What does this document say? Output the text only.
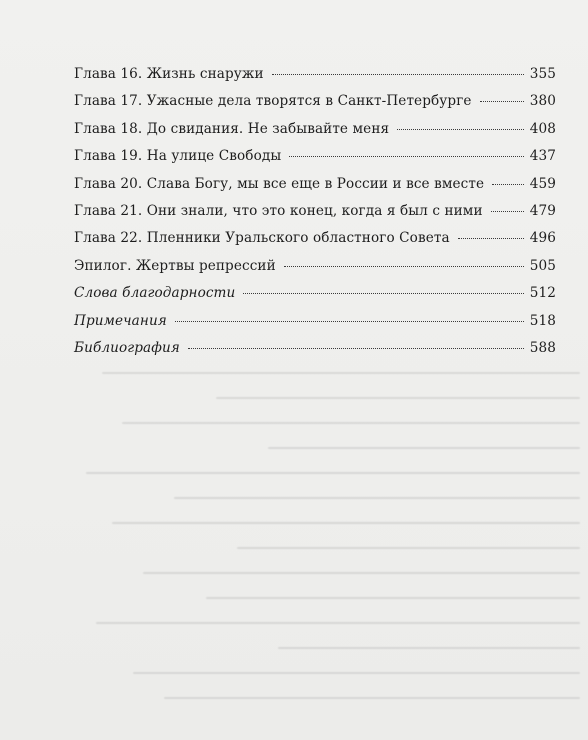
Глава 16. Жизнь снаружи	355
Глава 17. Ужасные дела творятся в Санкт-Петербурге	380
Глава 18. До свидания. Не забывайте меня	408
Глава 19. На улице Свободы	437
Глава 20. Слава Богу, мы все еще в России и все вместе	459
Глава 21. Они знали, что это конец, когда я был с ними	479
Глава 22. Пленники Уральского областного Совета	496
Эпилог. Жертвы репрессий	505
Слова благодарности	512
Примечания	518
Библиография	588
